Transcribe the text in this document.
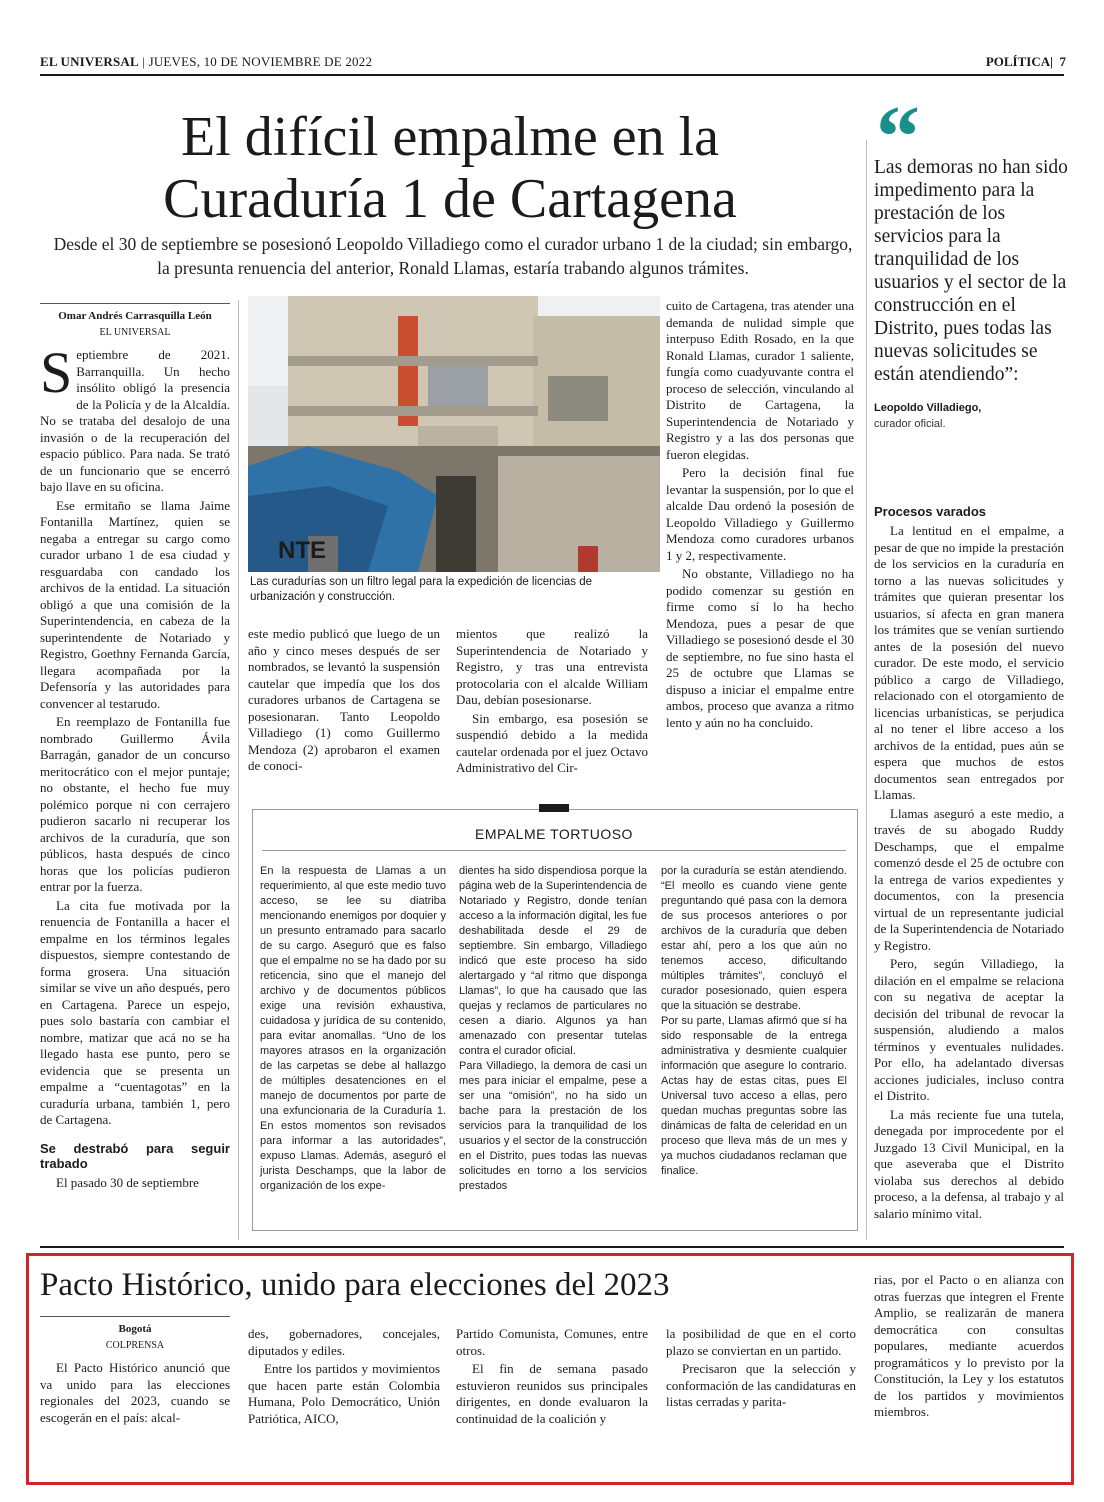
EL UNIVERSAL | JUEVES, 10 DE NOVIEMBRE DE 2022	POLÍTICA|  7
El difícil empalme en la
Curaduría 1 de Cartagena
Desde el 30 de septiembre se posesionó Leopoldo Villadiego como el curador urbano 1 de la ciudad; sin embargo, la presunta renuencia del anterior, Ronald Llamas, estaría trabando algunos trámites.
“
Las demoras no han sido impedimento para la prestación de los servicios para la tranquilidad de los usuarios y el sector de la construcción en el Distrito, pues todas las nuevas solicitudes se están atendiendo”:
Leopoldo Villadiego,
curador oficial.
Omar Andrés Carrasquilla León
EL UNIVERSAL

Septiembre de 2021. Barranquilla. Un hecho insólito obligó la presencia de la Policía y de la Alcaldía. No se trataba del desalojo de una invasión o de la recuperación del espacio público. Para nada. Se trató de un funcionario que se encerró bajo llave en su oficina.

Ese ermitaño se llama Jaime Fontanilla Martínez, quien se negaba a entregar su cargo como curador urbano 1 de esa ciudad y resguardaba con candado los archivos de la entidad. La situación obligó a que una comisión de la Superintendencia, en cabeza de la superintendente de Notariado y Registro, Goethny Fernanda García, llegara acompañada por la Defensoría y las autoridades para convencer al testarudo.

En reemplazo de Fontanilla fue nombrado Guillermo Ávila Barragán, ganador de un concurso meritocrático con el mejor puntaje; no obstante, el hecho fue muy polémico porque ni con cerrajero pudieron sacarlo ni recuperar los archivos de la curaduría, que son públicos, hasta después de cinco horas que los policías pudieron entrar por la fuerza.

La cita fue motivada por la renuencia de Fontanilla a hacer el empalme en los términos legales dispuestos, siempre contestando de forma grosera. Una situación similar se vive un año después, pero en Cartagena. Parece un espejo, pues solo bastaría con cambiar el nombre, matizar que acá no se ha llegado hasta ese punto, pero se evidencia que se presenta un empalme a “cuentagotas” en la curaduría urbana, también 1, pero de Cartagena.

Se destrabó para seguir trabado

El pasado 30 de septiembre

NTE
Las curadurías son un filtro legal para la expedición de licencias de urbanización y construcción.

este medio publicó que luego de un año y cinco meses después de ser nombrados, se levantó la suspensión cautelar que impedía que los dos curadores urbanos de Cartagena se posesionaran. Tanto Leopoldo Villadiego (1) como Guillermo Mendoza (2) aprobaron el examen de conoci-

mientos que realizó la Superintendencia de Notariado y Registro, y tras una entrevista protocolaria con el alcalde William Dau, debían posesionarse.

Sin embargo, esa posesión se suspendió debido a la medida cautelar ordenada por el juez Octavo Administrativo del Cir-

cuito de Cartagena, tras atender una demanda de nulidad simple que interpuso Edith Rosado, en la que Ronald Llamas, curador 1 saliente, fungía como cuadyuvante contra el proceso de selección, vinculando al Distrito de Cartagena, la Superintendencia de Notariado y Registro y a las dos personas que fueron elegidas.

Pero la decisión final fue levantar la suspensión, por lo que el alcalde Dau ordenó la posesión de Leopoldo Villadiego y Guillermo Mendoza como curadores urbanos 1 y 2, respectivamente.

No obstante, Villadiego no ha podido comenzar su gestión en firme como sí lo ha hecho Mendoza, pues a pesar de que Villadiego se posesionó desde el 30 de septiembre, no fue sino hasta el 25 de octubre que Llamas se dispuso a iniciar el empalme entre ambos, proceso que avanza a ritmo lento y aún no ha concluido.

Procesos varados

La lentitud en el empalme, a pesar de que no impide la prestación de los servicios en la curaduría en torno a las nuevas solicitudes y trámites que quieran presentar los usuarios, sí afecta en gran manera los trámites que se venían surtiendo antes de la posesión del nuevo curador. De este modo, el servicio público a cargo de Villadiego, relacionado con el otorgamiento de licencias urbanísticas, se perjudica al no tener el libre acceso a los archivos de la entidad, pues aún se espera que muchos de estos documentos sean entregados por Llamas.

Llamas aseguró a este medio, a través de su abogado Ruddy Deschamps, que el empalme comenzó desde el 25 de octubre con la entrega de varios expedientes y documentos, con la presencia virtual de un representante judicial de la Superintendencia de Notariado y Registro.

Pero, según Villadiego, la dilación en el empalme se relaciona con su negativa de aceptar la decisión del tribunal de revocar la suspensión, aludiendo a malos términos y eventuales nulidades. Por ello, ha adelantado diversas acciones judiciales, incluso contra el Distrito.

La más reciente fue una tutela, denegada por improcedente por el Juzgado 13 Civil Municipal, en la que aseveraba que el Distrito violaba sus derechos al debido proceso, a la defensa, al trabajo y al salario mínimo vital.

EMPALME TORTUOSO

En la respuesta de Llamas a un requerimiento, al que este medio tuvo acceso, se lee su diatriba mencionando enemigos por doquier y un presunto entramado para sacarlo de su cargo. Aseguró que es falso que el empalme no se ha dado por su reticencia, sino que el manejo del archivo y de documentos públicos exige una revisión exhaustiva, cuidadosa y jurídica de su contenido, para evitar anomallas. “Uno de los mayores atrasos en la organización de las carpetas se debe al hallazgo de múltiples desatenciones en el manejo de documentos por parte de una exfuncionaria de la Curaduría 1. En estos momentos son revisados para informar a las autoridades”, expuso Llamas. Además, aseguró el jurista Deschamps, que la labor de organización de los expe-

dientes ha sido dispendiosa porque la página web de la Superintendencia de Notariado y Registro, donde tenían acceso a la información digital, les fue deshabilitada desde el 29 de septiembre. Sin embargo, Villadiego indicó que este proceso ha sido alertargado y “al ritmo que disponga Llamas”, lo que ha causado que las quejas y reclamos de particulares no cesen a diario. Algunos ya han amenazado con presentar tutelas contra el curador oficial.

Para Villadiego, la demora de casi un mes para iniciar el empalme, pese a ser una “omisión”, no ha sido un bache para la prestación de los servicios para la tranquilidad de los usuarios y el sector de la construcción en el Distrito, pues todas las nuevas solicitudes en torno a los servicios prestados

por la curaduría se están atendiendo. “El meollo es cuando viene gente preguntando qué pasa con la demora de sus procesos anteriores o por archivos de la curaduría que deben estar ahí, pero a los que aún no tenemos acceso, dificultando múltiples trámites”, concluyó el curador posesionado, quien espera que la situación se destrabe.

Por su parte, Llamas afirmó que sí ha sido responsable de la entrega administrativa y desmiente cualquier información que asegure lo contrario. Actas hay de estas citas, pues El Universal tuvo acceso a ellas, pero quedan muchas preguntas sobre las dinámicas de falta de celeridad en un proceso que lleva más de un mes y ya muchos ciudadanos reclaman que finalice.

Pacto Histórico, unido para elecciones del 2023
Bogotá
COLPRENSA

El Pacto Histórico anunció que va unido para las elecciones regionales del 2023, cuando se escogerán en el país: alcal-

des, gobernadores, concejales, diputados y ediles.

Entre los partidos y movimientos que hacen parte están Colombia Humana, Polo Democrático, Unión Patriótica, AICO,

Partido Comunista, Comunes, entre otros.

El fin de semana pasado estuvieron reunidos sus principales dirigentes, en donde evaluaron la continuidad de la coalición y

la posibilidad de que en el corto plazo se conviertan en un partido.

Precisaron que la selección y conformación de las candidaturas en listas cerradas y parita-

rias, por el Pacto o en alianza con otras fuerzas que integren el Frente Amplio, se realizarán de manera democrática con consultas populares, mediante acuerdos programáticos y lo previsto por la Constitución, la Ley y los estatutos de los partidos y movimientos miembros.
